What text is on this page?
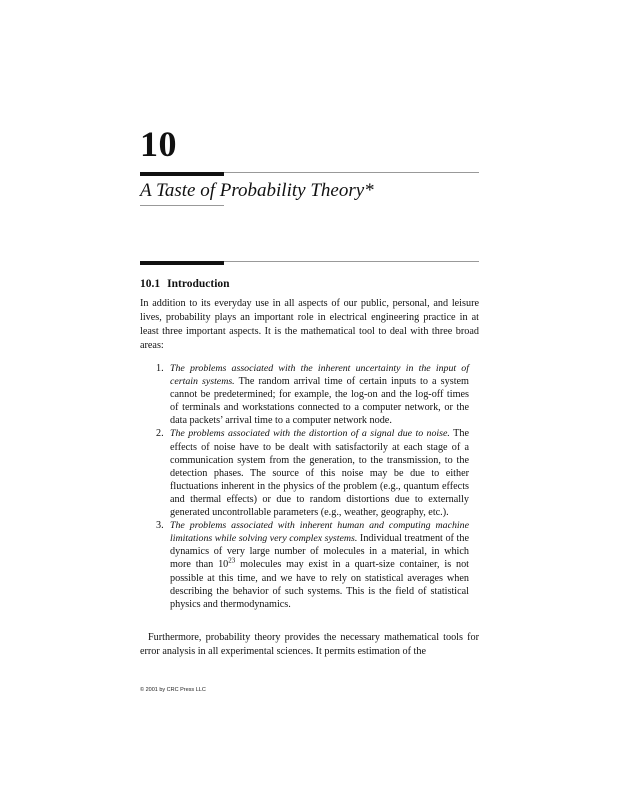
10
A Taste of Probability Theory*
10.1 Introduction

In addition to its everyday use in all aspects of our public, personal, and leisure lives, probability plays an important role in electrical engineering practice in at least three important aspects. It is the mathematical tool to deal with three broad areas:

1. The problems associated with the inherent uncertainty in the input of certain systems. The random arrival time of certain inputs to a system cannot be predetermined; for example, the log-on and the log-off times of terminals and workstations connected to a computer network, or the data packets’ arrival time to a computer network node.
2. The problems associated with the distortion of a signal due to noise. The effects of noise have to be dealt with satisfactorily at each stage of a communication system from the generation, to the transmission, to the detection phases. The source of this noise may be due to either fluctuations inherent in the physics of the problem (e.g., quantum effects and thermal effects) or due to random distortions due to externally generated uncontrollable parameters (e.g., weather, geography, etc.).
3. The problems associated with inherent human and computing machine limitations while solving very complex systems. Individual treatment of the dynamics of very large number of molecules in a material, in which more than $10^{23}$ molecules may exist in a quart-size container, is not possible at this time, and we have to rely on statistical averages when describing the behavior of such systems. This is the field of statistical physics and thermodynamics.

Furthermore, probability theory provides the necessary mathematical tools for error analysis in all experimental sciences. It permits estimation of the

© 2001 by CRC Press LLC
